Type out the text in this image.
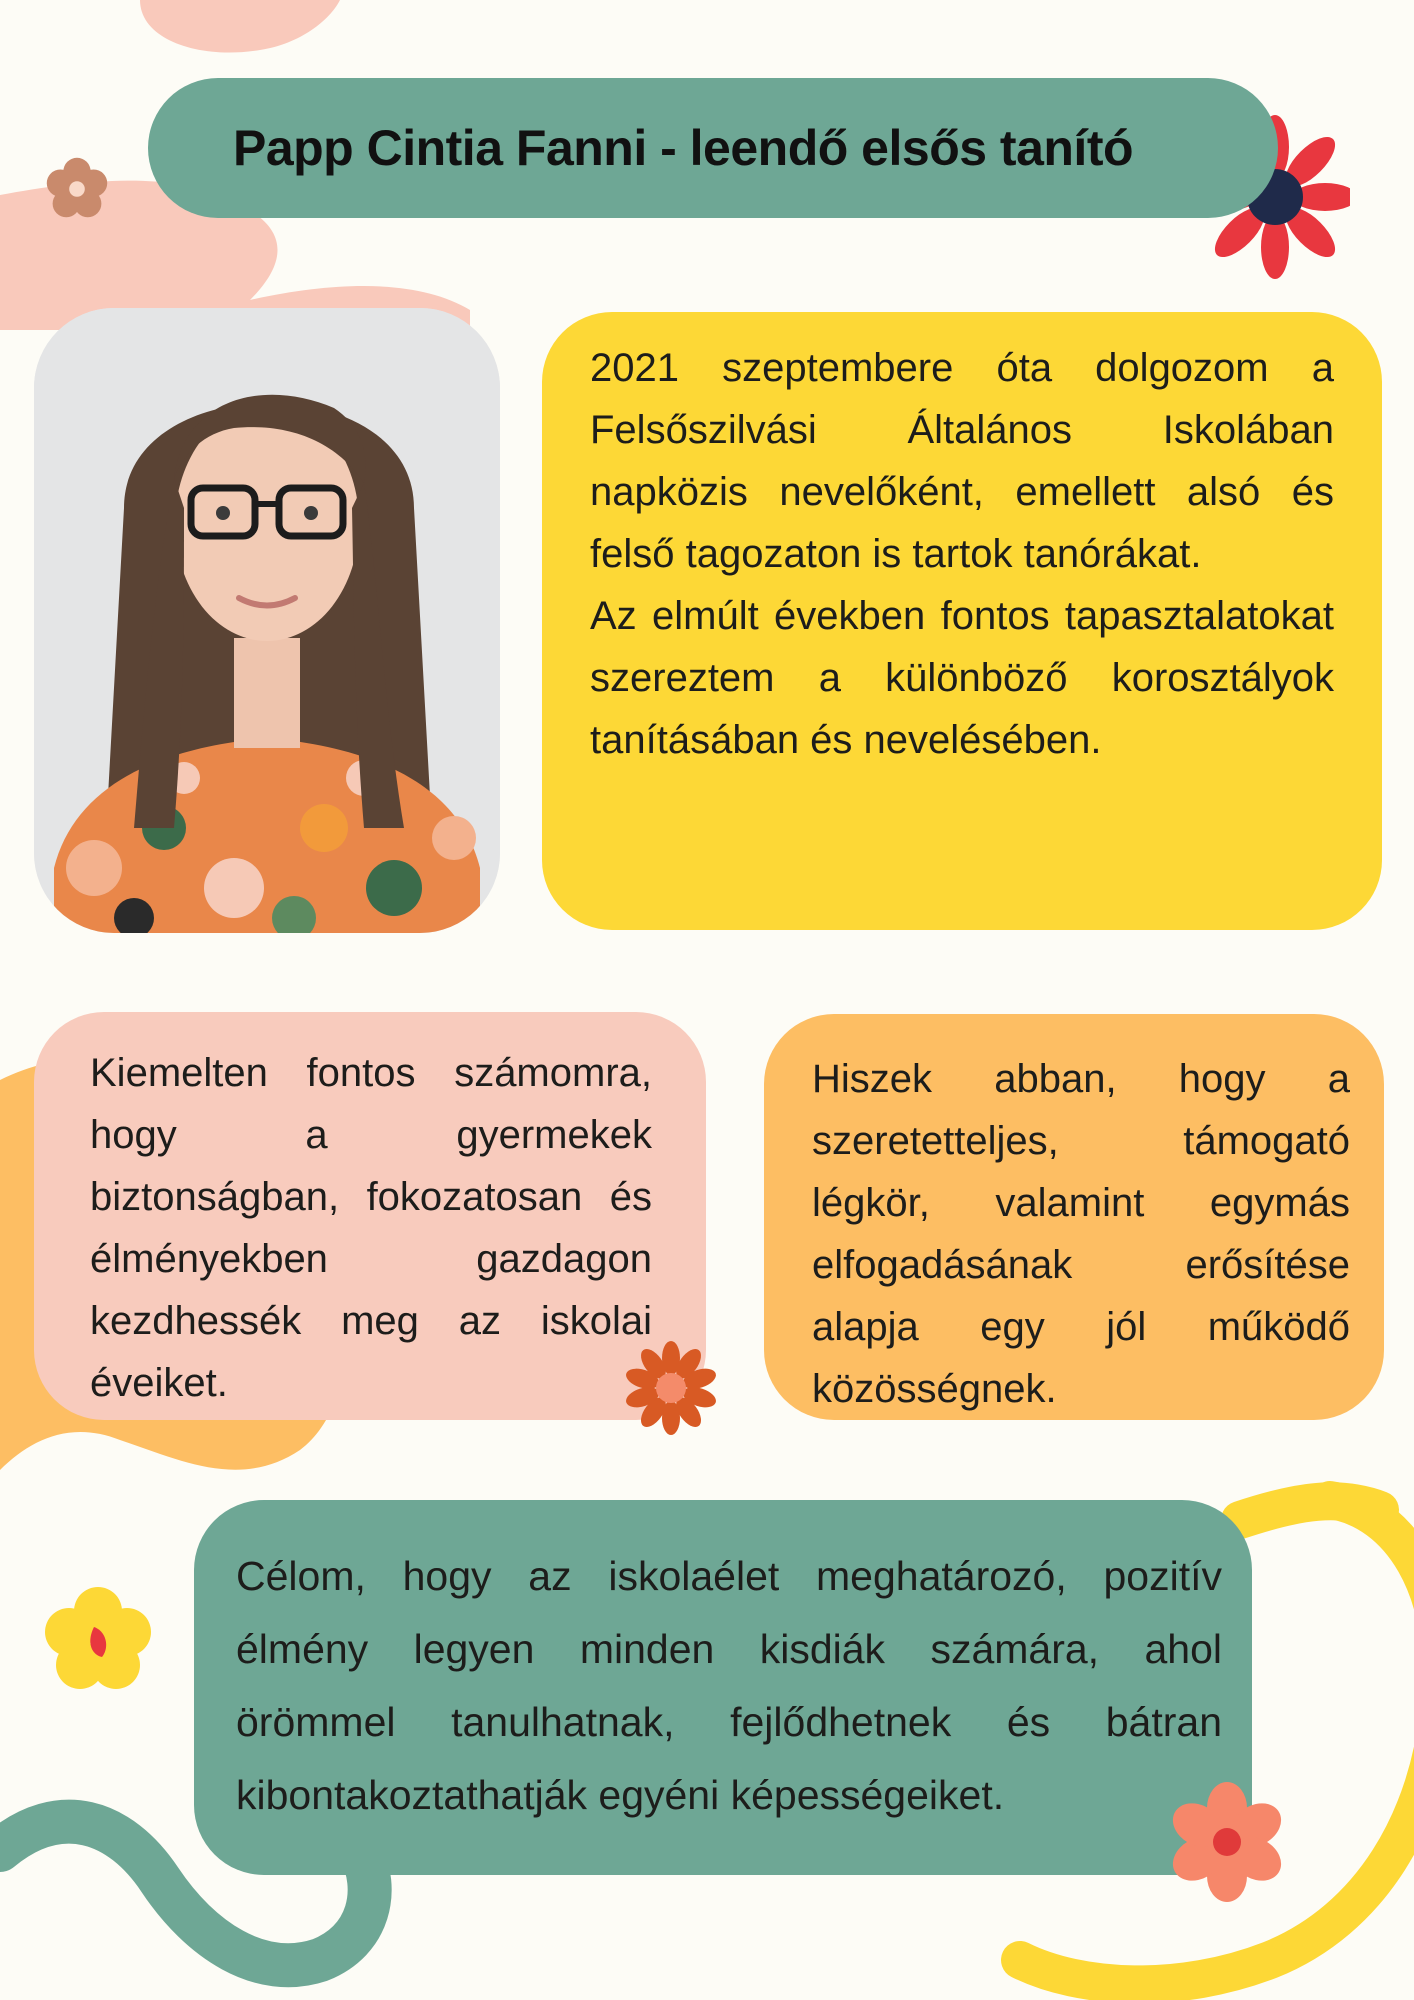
Papp Cintia Fanni - leendő elsős tanító
2021 szeptembere óta dolgozom a Felsőszilvási Általános Iskolában napközis nevelőként, emellett alsó és felső tagozaton is tartok tanórákat.
Az elmúlt években fontos tapasztalatokat szereztem a különböző korosztályok tanításában és nevelésében.
Kiemelten fontos számomra, hogy a gyermekek biztonságban, fokozatosan és élményekben gazdagon kezdhessék meg az iskolai éveiket.
Hiszek abban, hogy a szeretetteljes, támogató légkör, valamint egymás elfogadásának erősítése alapja egy jól működő közösségnek.
Célom, hogy az iskolaélet meghatározó, pozitív élmény legyen minden kisdiák számára, ahol örömmel tanulhatnak, fejlődhetnek és bátran kibontakoztathatják egyéni képességeiket.
